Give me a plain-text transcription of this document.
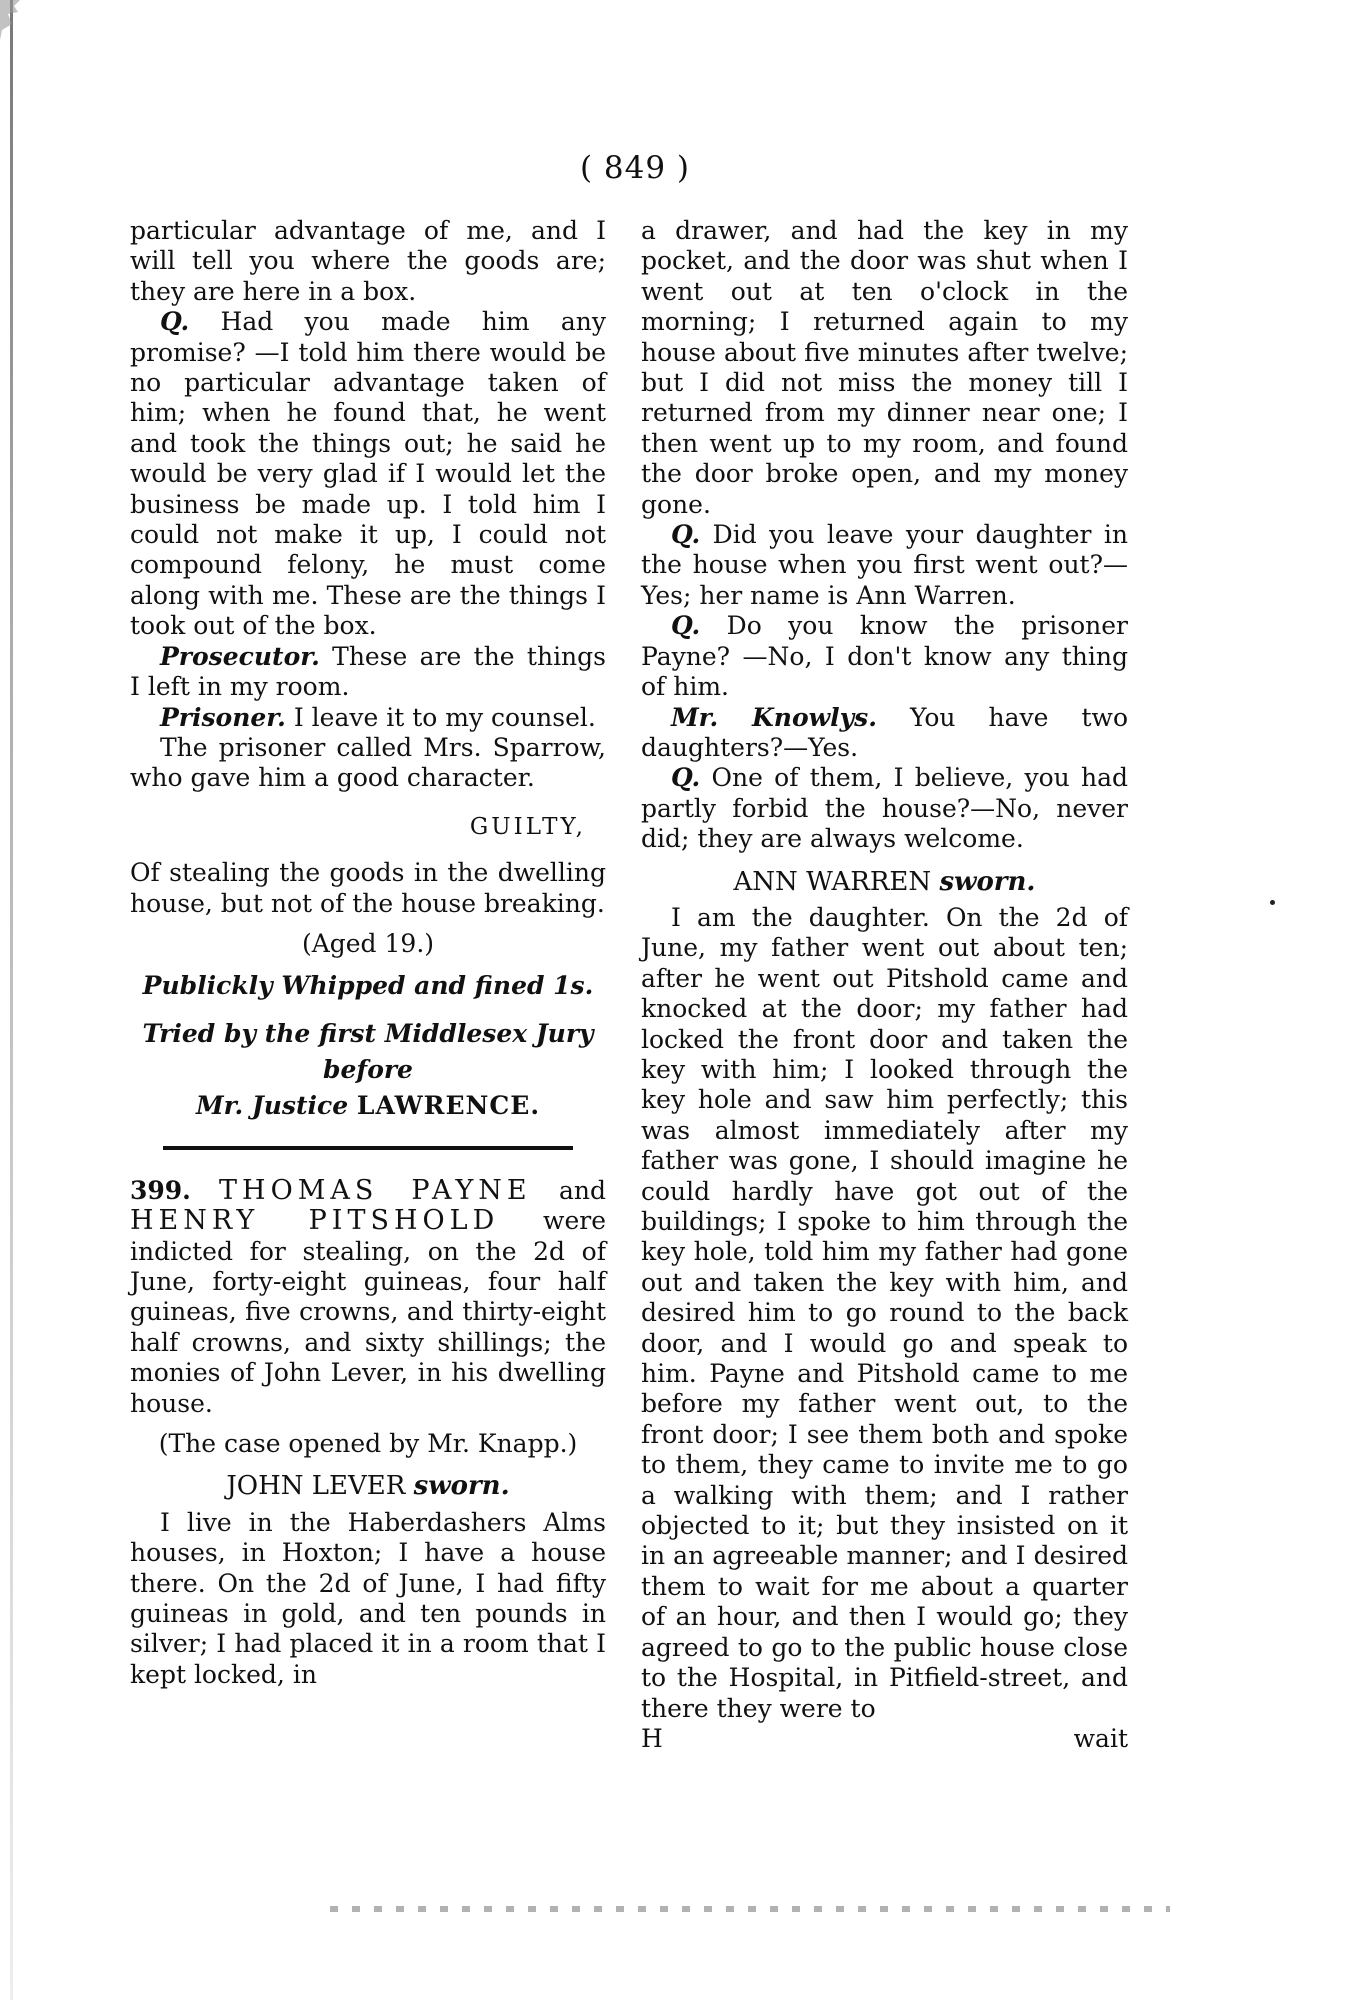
( 849 )

particular advantage of me, and I will tell you where the goods are; they are here in a box.

Q. Had you made him any promise? —I told him there would be no particular advantage taken of him; when he found that, he went and took the things out; he said he would be very glad if I would let the business be made up. I told him I could not make it up, I could not compound felony, he must come along with me. These are the things I took out of the box.

Prosecutor. These are the things I left in my room.

Prisoner. I leave it to my counsel.

The prisoner called Mrs. Sparrow, who gave him a good character.

GUILTY,

Of stealing the goods in the dwelling house, but not of the house breaking.

(Aged 19.)

Publickly Whipped and fined 1s.

Tried by the first Middlesex Jury before
Mr. Justice LAWRENCE.

399. THOMAS PAYNE and HENRY PITSHOLD were indicted for stealing, on the 2d of June, forty-eight guineas, four half guineas, five crowns, and thirty-eight half crowns, and sixty shillings; the monies of John Lever, in his dwelling house.

(The case opened by Mr. Knapp.)

JOHN LEVER sworn.

I live in the Haberdashers Alms houses, in Hoxton; I have a house there. On the 2d of June, I had fifty guineas in gold, and ten pounds in silver; I had placed it in a room that I kept locked, in

a drawer, and had the key in my pocket, and the door was shut when I went out at ten o'clock in the morning; I returned again to my house about five minutes after twelve; but I did not miss the money till I returned from my dinner near one; I then went up to my room, and found the door broke open, and my money gone.

Q. Did you leave your daughter in the house when you first went out?— Yes; her name is Ann Warren.

Q. Do you know the prisoner Payne? —No, I don't know any thing of him.

Mr. Knowlys. You have two daughters?—Yes.

Q. One of them, I believe, you had partly forbid the house?—No, never did; they are always welcome.

ANN WARREN sworn.

I am the daughter. On the 2d of June, my father went out about ten; after he went out Pitshold came and knocked at the door; my father had locked the front door and taken the key with him; I looked through the key hole and saw him perfectly; this was almost immediately after my father was gone, I should imagine he could hardly have got out of the buildings; I spoke to him through the key hole, told him my father had gone out and taken the key with him, and desired him to go round to the back door, and I would go and speak to him. Payne and Pitshold came to me before my father went out, to the front door; I see them both and spoke to them, they came to invite me to go a walking with them; and I rather objected to it; but they insisted on it in an agreeable manner; and I desired them to wait for me about a quarter of an hour, and then I would go; they agreed to go to the public house close to the Hospital, in Pitfield-street, and there they were to

H	wait
